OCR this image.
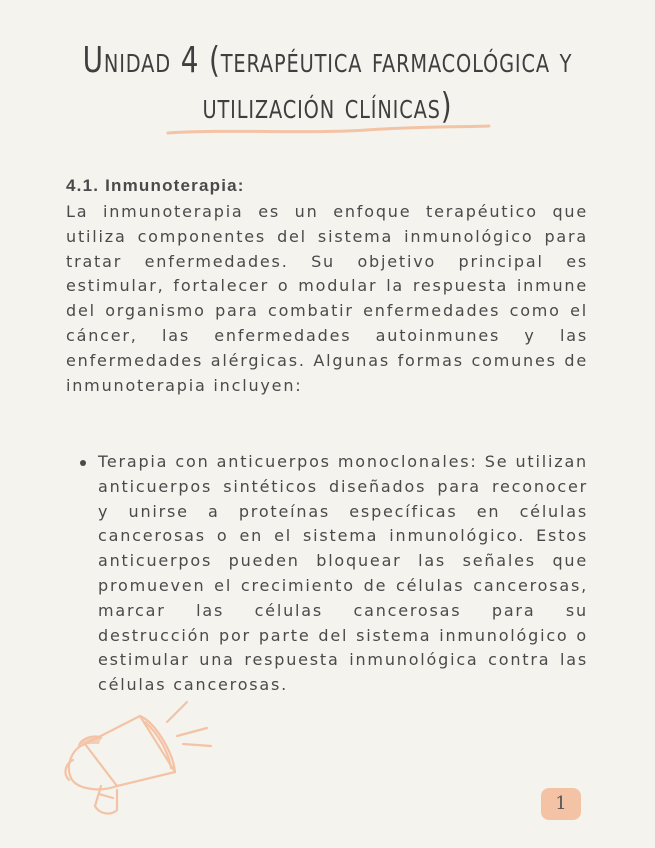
Unidad 4 (terapéutica farmacológica y utilización clínicas)
4.1. Inmunoterapia:

La inmunoterapia es un enfoque terapéutico que utiliza componentes del sistema inmunológico para tratar enfermedades. Su objetivo principal es estimular, fortalecer o modular la respuesta inmune del organismo para combatir enfermedades como el cáncer, las enfermedades autoinmunes y las enfermedades alérgicas. Algunas formas comunes de inmunoterapia incluyen:

Terapia con anticuerpos monoclonales: Se utilizan anticuerpos sintéticos diseñados para reconocer y unirse a proteínas específicas en células cancerosas o en el sistema inmunológico. Estos anticuerpos pueden bloquear las señales que promueven el crecimiento de células cancerosas, marcar las células cancerosas para su destrucción por parte del sistema inmunológico o estimular una respuesta inmunológica contra las células cancerosas.
1
